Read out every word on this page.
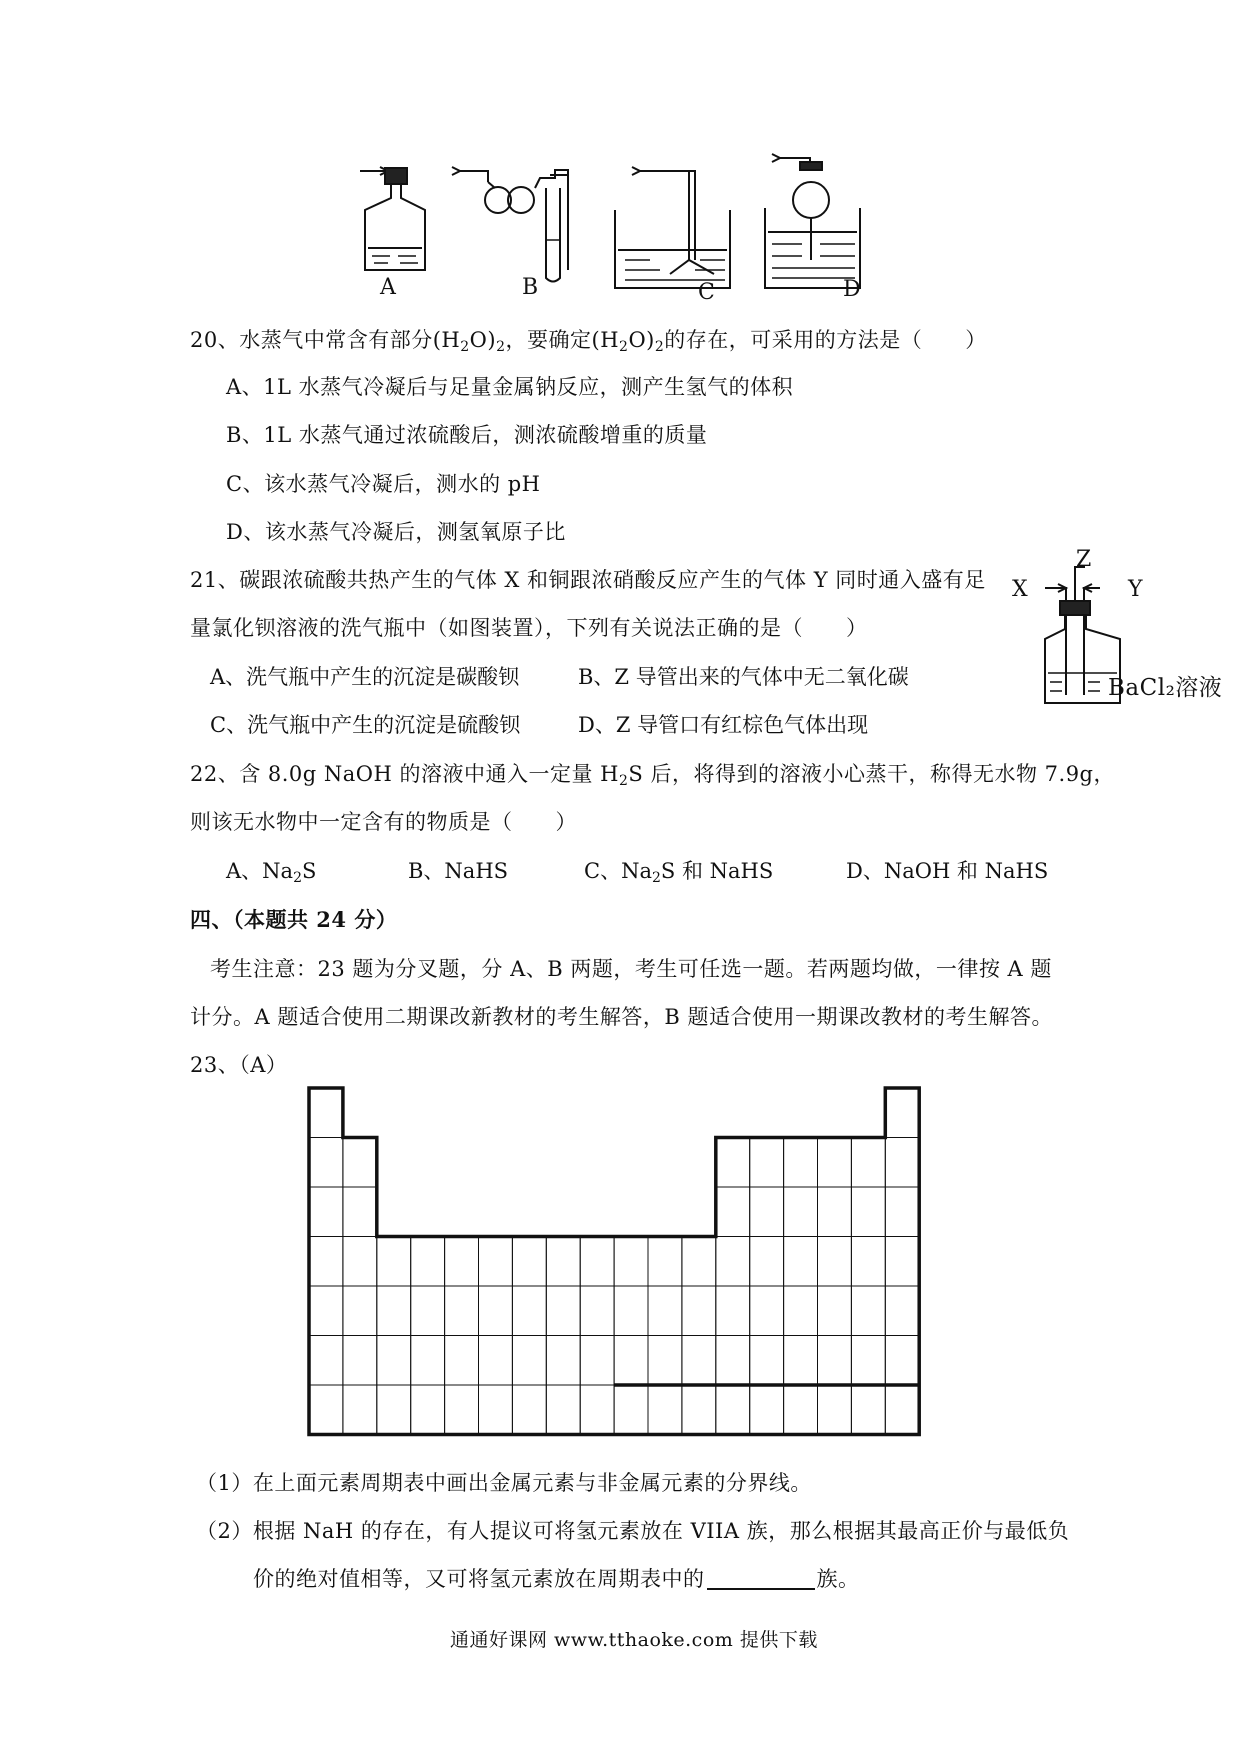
A	B	C	D
20、水蒸气中常含有部分$(H_2O)_2$，要确定$(H_2O)_2$的存在，可采用的方法是（　　）
A、1L 水蒸气冷凝后与足量金属钠反应，测产生氢气的体积
B、1L 水蒸气通过浓硫酸后，测浓硫酸增重的质量
C、该水蒸气冷凝后，测水的 pH
D、该水蒸气冷凝后，测氢氧原子比
21、碳跟浓硫酸共热产生的气体 X 和铜跟浓硝酸反应产生的气体 Y 同时通入盛有足
量氯化钡溶液的洗气瓶中（如图装置），下列有关说法正确的是（　　）
A、洗气瓶中产生的沉淀是碳酸钡	B、Z 导管出来的气体中无二氧化碳
C、洗气瓶中产生的沉淀是硫酸钡	D、Z 导管口有红棕色气体出现
Z
X	Y
BaCl₂溶液
22、含 8.0g NaOH 的溶液中通入一定量 $H_2S$ 后，将得到的溶液小心蒸干，称得无水物 7.9g，
则该无水物中一定含有的物质是（　　）
A、$Na_2S$	B、NaHS	C、$Na_2S$ 和 NaHS	D、NaOH 和 NaHS
四、（本题共 24 分）
考生注意：23 题为分叉题，分 A、B 两题，考生可任选一题。若两题均做，一律按 A 题
计分。A 题适合使用二期课改新教材的考生解答，B 题适合使用一期课改教材的考生解答。
23、（A）
（1）在上面元素周期表中画出金属元素与非金属元素的分界线。
（2）根据 NaH 的存在，有人提议可将氢元素放在 VIIA 族，那么根据其最高正价与最低负
价的绝对值相等，又可将氢元素放在周期表中的	族。
通通好课网 www.tthaoke.com 提供下载
